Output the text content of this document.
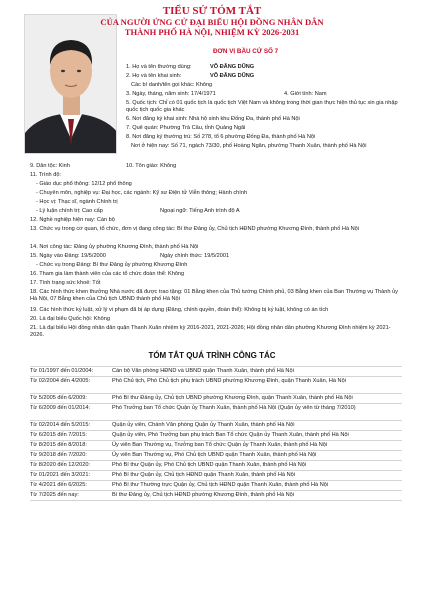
TIỂU SỬ TÓM TẮT
CỦA NGƯỜI ỨNG CỬ ĐẠI BIỂU HỘI ĐỒNG NHÂN DÂN
THÀNH PHỐ HÀ NỘI, NHIỆM KỲ 2026-2031
ĐƠN VỊ BẦU CỬ SỐ 7
1. Họ và tên thường dùng:	VÕ ĐĂNG DŨNG
2. Họ và tên khai sinh:	VÕ ĐĂNG DŨNG
Các bí danh/tên gọi khác: Không
3. Ngày, tháng, năm sinh: 17/4/1971	4. Giới tính: Nam
5. Quốc tịch: Chỉ có 01 quốc tịch là quốc tịch Việt Nam và không trong thời gian thực hiện thủ tục xin gia nhập quốc tịch quốc gia khác
6. Nơi đăng ký khai sinh: Nhà hộ sinh khu Đống Đa, thành phố Hà Nội
7. Quê quán: Phường Trà Câu, tỉnh Quảng Ngãi
8. Nơi đăng ký thường trú: Số 278, tổ 6 phường Đống Đa, thành phố Hà Nội
Nơi ở hiện nay: Số 71, ngách 73/30, phố Hoàng Ngân, phường Thanh Xuân, thành phố Hà Nội
9. Dân tộc: Kinh	10. Tôn giáo: Không
11. Trình độ:
- Giáo dục phổ thông: 12/12 phổ thông
- Chuyên môn, nghiệp vụ: Đại học, các ngành: Kỹ sư Điện tử Viễn thông; Hành chính
- Học vị: Thạc sĩ, ngành Chính trị
- Lý luận chính trị: Cao cấp	Ngoại ngữ: Tiếng Anh trình độ A
12. Nghề nghiệp hiện nay: Cán bộ
13. Chức vụ trong cơ quan, tổ chức, đơn vị đang công tác: Bí thư Đảng ủy, Chủ tịch HĐND phường Khương Đình, thành phố Hà Nội
14. Nơi công tác: Đảng ủy phường Khương Đình, thành phố Hà Nội
15. Ngày vào Đảng: 19/5/2000	Ngày chính thức: 19/5/2001
- Chức vụ trong Đảng: Bí thư Đảng ủy phường Khương Đình
16. Tham gia làm thành viên của các tổ chức đoàn thể: Không
17. Tình trạng sức khoẻ: Tốt
18. Các hình thức khen thưởng Nhà nước đã được trao tặng: 01 Bằng khen của Thủ tướng Chính phủ, 03 Bằng khen của Ban Thường vụ Thành ủy Hà Nội, 07 Bằng khen của Chủ tịch UBND thành phố Hà Nội
19. Các hình thức kỷ luật, xử lý vi phạm đã bị áp dụng (Đảng, chính quyền, đoàn thể): Không bị kỷ luật, không có án tích
20. Là đại biểu Quốc hội: Không
21. Là đại biểu Hội đồng nhân dân quận Thanh Xuân nhiệm kỳ 2016-2021, 2021-2026; Hội đồng nhân dân phường Khương Đình nhiệm kỳ 2021-2026.
TÓM TẮT QUÁ TRÌNH CÔNG TÁC
Từ 01/1997 đến 01/2004:	Cán bộ Văn phòng HĐND và UBND quận Thanh Xuân, thành phố Hà Nội
Từ 02/2004 đến 4/2005:	Phó Chủ tịch, Phó Chủ tịch phụ trách UBND phường Khương Đình, quận Thanh Xuân, Hà Nội
Từ 5/2005 đến 6/2009:	Phó Bí thư Đảng ủy, Chủ tịch UBND phường Khương Đình, quận Thanh Xuân, thành phố Hà Nội
Từ 6/2009 đến 01/2014:	Phó Trưởng ban Tổ chức Quận ủy Thanh Xuân, thành phố Hà Nội (Quận ủy viên từ tháng 7/2010)
Từ 02/2014 đến 5/2015:	Quận ủy viên, Chánh Văn phòng Quận ủy Thanh Xuân, thành phố Hà Nội
Từ 6/2015 đến 7/2015:	Quận ủy viên, Phó Trưởng ban phụ trách Ban Tổ chức Quận ủy Thanh Xuân, thành phố Hà Nội
Từ 8/2015 đến 8/2018:	Ủy viên Ban Thường vụ, Trưởng ban Tổ chức Quận ủy Thanh Xuân, thành phố Hà Nội
Từ 9/2018 đến 7/2020:	Ủy viên Ban Thường vụ, Phó Chủ tịch UBND quận Thanh Xuân, thành phố Hà Nội
Từ 8/2020 đến 12/2020:	Phó Bí thư Quận ủy, Phó Chủ tịch UBND quận Thanh Xuân, thành phố Hà Nội
Từ 01/2021 đến 3/2021:	Phó Bí thư Quận ủy, Chủ tịch HĐND quận Thanh Xuân, thành phố Hà Nội
Từ 4/2021 đến 6/2025:	Phó Bí thư Thường trực Quận ủy, Chủ tịch HĐND quận Thanh Xuân, thành phố Hà Nội
Từ 7/2025 đến nay:	Bí thư Đảng ủy, Chủ tịch HĐND phường Khương Đình, thành phố Hà Nội
